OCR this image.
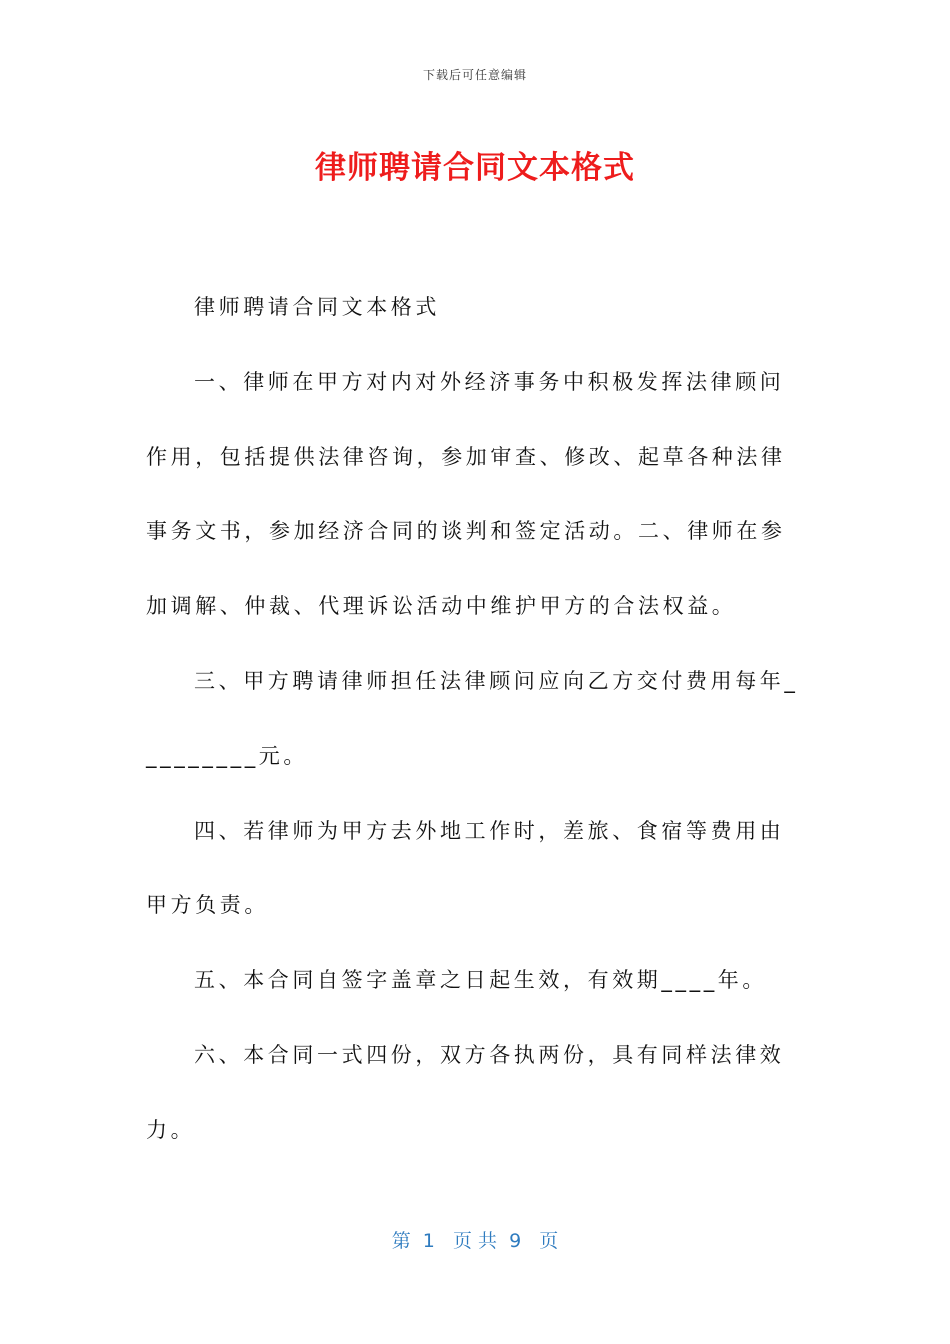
下载后可任意编辑
律师聘请合同文本格式

律师聘请合同文本格式

一、律师在甲方对内对外经济事务中积极发挥法律顾问作用，包括提供法律咨询，参加审查、修改、起草各种法律事务文书，参加经济合同的谈判和签定活动。二、律师在参加调解、仲裁、代理诉讼活动中维护甲方的合法权益。

三、甲方聘请律师担任法律顾问应向乙方交付费用每年_________元。

四、若律师为甲方去外地工作时，差旅、食宿等费用由甲方负责。

五、本合同自签字盖章之日起生效，有效期____年。

六、本合同一式四份，双方各执两份，具有同样法律效力。

第  1   页 共  9   页
